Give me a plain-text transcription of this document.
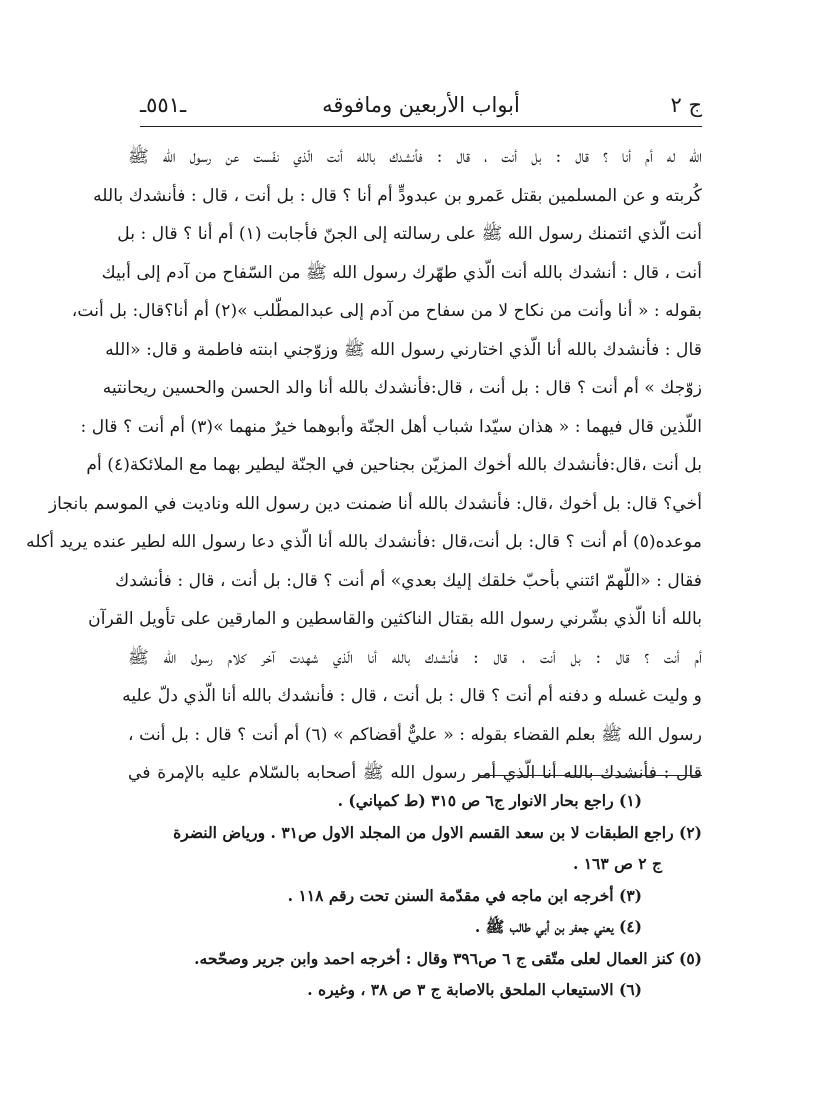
ج ٢
أبواب الأربعين ومافوقه
ـ٥٥١ـ
الله له أم أنا ؟ قال : بل أنت ، قال : فأنشدك بالله أنت الّذي نفّست عن رسول الله ﷺ
كُربته و عن المسلمين بقتل عَمرو بن عبدودٍّ أم أنا ؟ قال : بل أنت ، قال : فأنشدك بالله
أنت الّذي ائتمنك رسول الله ﷺ على رسالته إلى الجنّ فأجابت (١) أم أنا ؟ قال : بل
أنت ، قال : أنشدك بالله أنت الّذي طهّرك رسول الله ﷺ من السّفاح من آدم إلى أبيك
بقوله : « أنا وأنت من نكاح لا من سفاح من آدم إلى عبدالمطّلب »(٢) أم أنا؟قال: بل أنت،
قال : فأنشدك بالله أنا الّذي اختارني رسول الله ﷺ وزوّجني ابنته فاطمة و قال: «الله
زوّجك » أم أنت ؟ قال : بل أنت ، قال:فأنشدك بالله أنا والد الحسن والحسين ريحانتيه
اللّذين قال فيهما : « هذان سيّدا شباب أهل الجنّة وأبوهما خيرٌ منهما »(٣) أم أنت ؟ قال :
بل أنت ،قال:فأنشدك بالله أخوك المزيّن بجناحين في الجنّة ليطير بهما مع الملائكة(٤) أم
أخي؟ قال: بل أخوك ،قال: فأنشدك بالله أنا ضمنت دين رسول الله ونادیت في الموسم بانجاز
موعده(٥) أم أنت ؟ قال: بل أنت،قال :فأنشدك بالله أنا الّذي دعا رسول الله لطير عنده يريد أكله
فقال : «اللّهمّ ائتني بأحبّ خلقك إليك بعدي» أم أنت ؟ قال: بل أنت ، قال : فأنشدك
بالله أنا الّذي بشّرني رسول الله بقتال الناكثين والقاسطين و المارقين على تأويل القرآن
أم أنت ؟ قال : بل أنت ، قال : فأنشدك بالله أنا الّذي شهدت آخر كلام رسول الله ﷺ
و وليت غسله و دفنه أم أنت ؟ قال : بل أنت ، قال : فأنشدك بالله أنا الّذي دلّ عليه
رسول الله ﷺ بعلم القضاء بقوله : « عليٌّ أقضاكم » (٦) أم أنت ؟ قال : بل أنت ،
قال : فأنشدك بالله أنا الّذي أمر رسول الله ﷺ أصحابه بالسّلام عليه بالإمرة في
(١) راجع بحار الانوار ج٦ ص ٣١٥ (ط كمپاني) .
(٢) راجع الطبقات لا بن سعد القسم الاول من المجلد الاول ص٣١ . ورياض النضرة
ج ٢ ص ١٦٣ .
(٣) أخرجه ابن ماجه في مقدّمة السنن تحت رقم ١١٨ .
(٤) يعني جعفر بن أبي طالب ﷺ .
(٥) كنز العمال لعلى متّقى ج ٦ ص٣٩٦ وقال : أخرجه احمد وابن جرير وصحّحه.
(٦) الاستيعاب الملحق بالاصابة ج ٣ ص ٣٨ ، وغيره .
